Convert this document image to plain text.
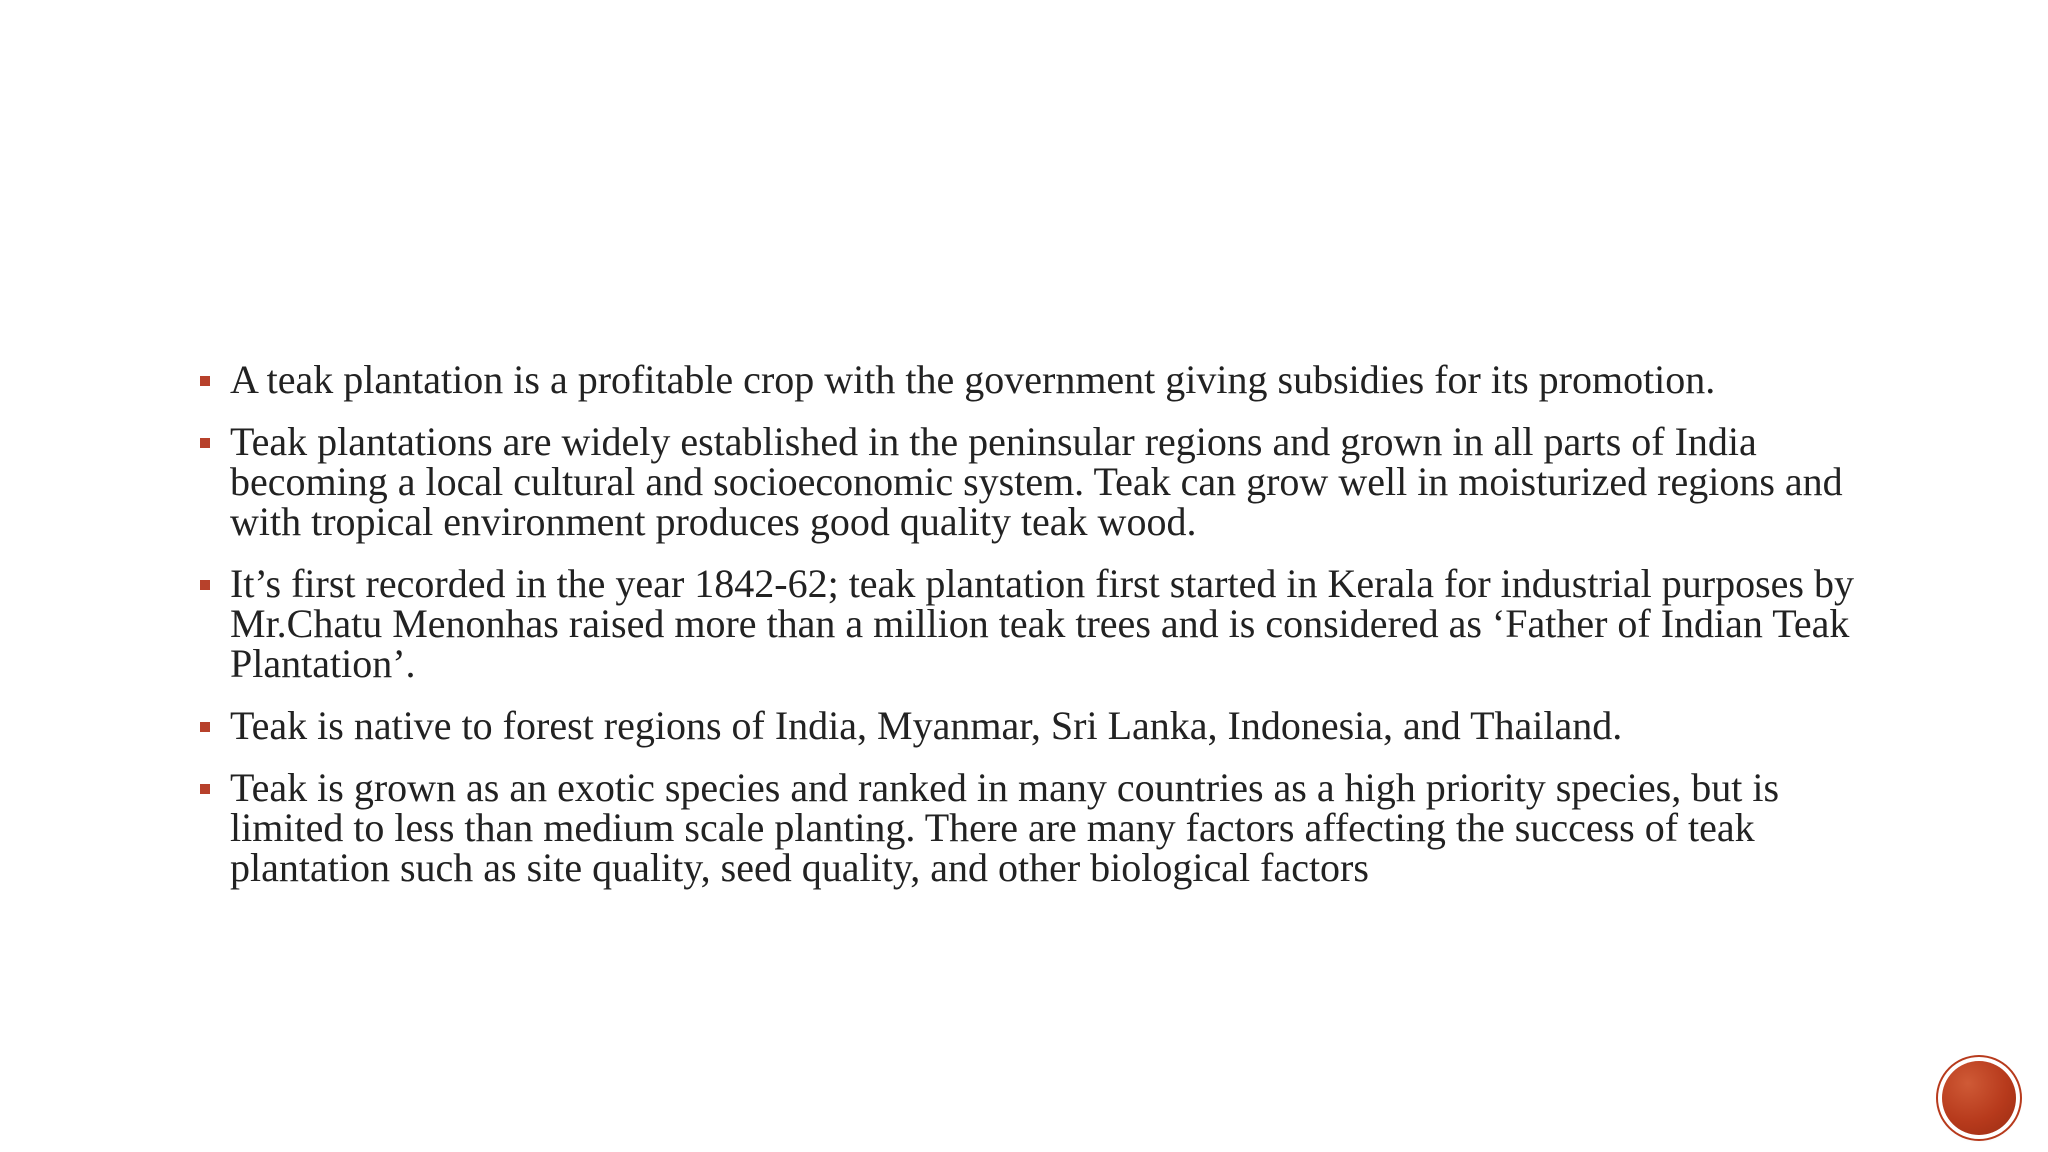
A teak plantation is a profitable crop with the government giving subsidies for its promotion.
Teak plantations are widely established in the peninsular regions and grown in all parts of India becoming a local cultural and socioeconomic system. Teak can grow well in moisturized regions and with tropical environment produces good quality teak wood.
It’s first recorded in the year 1842-62; teak plantation first started in Kerala for industrial purposes by Mr.Chatu Menonhas raised more than a million teak trees and is considered as ‘Father of Indian Teak Plantation’.
Teak is native to forest regions of India, Myanmar, Sri Lanka, Indonesia, and Thailand.
Teak is grown as an exotic species and ranked in many countries as a high priority species, but is limited to less than medium scale planting. There are many factors affecting the success of teak plantation such as site quality, seed quality, and other biological factors
